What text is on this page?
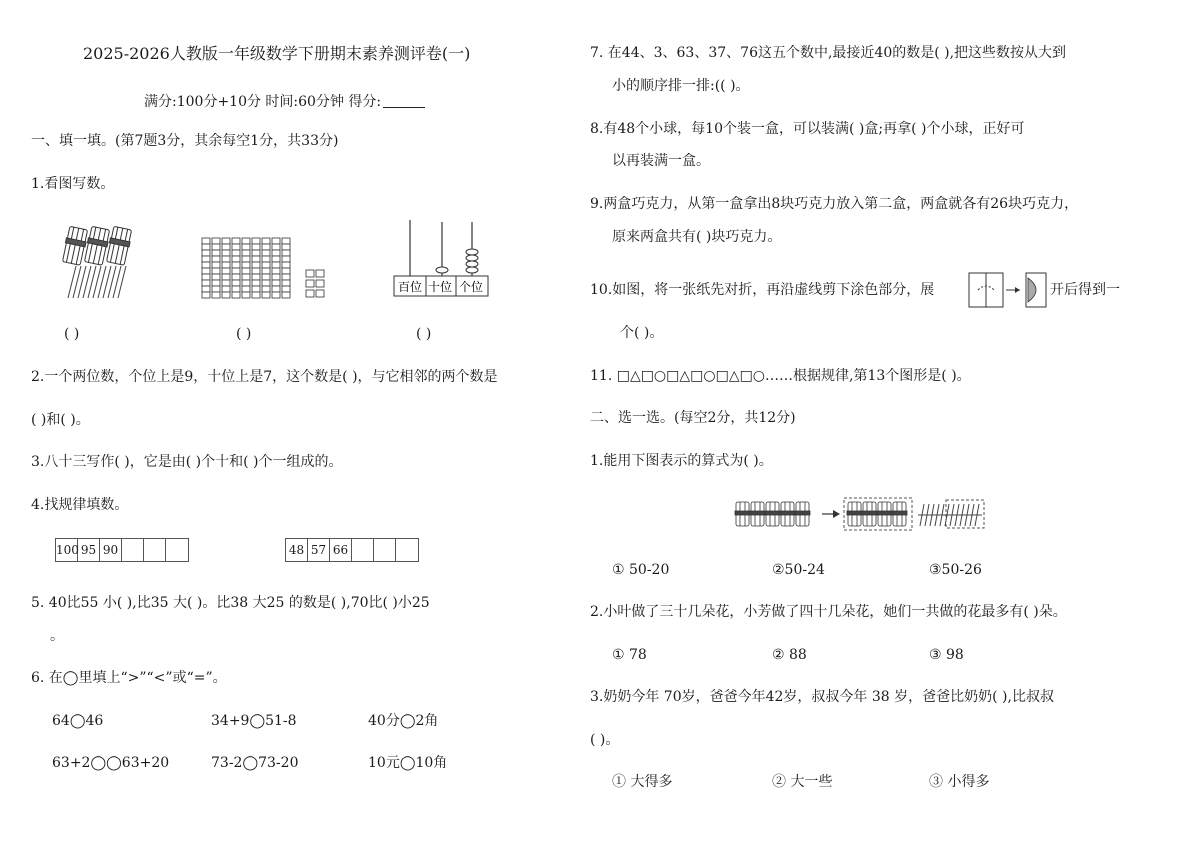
2025-2026人教版一年级数学下册期末素养测评卷(一)
满分:100分+10分 时间:60分钟 得分:
一、填一填。(第7题3分，其余每空1分，共33分)
1.看图写数。
百位 十位 个位
( )	( )	( )
2.一个两位数，个位上是9，十位上是7，这个数是( )，与它相邻的两个数是
( )和( )。
3.八十三写作( )，它是由( )个十和( )个一组成的。
4.找规律填数。
100 95 90	48 57 66
5. 40比55 小( ),比35 大( )。比38 大25 的数是( ),70比( )小25
。
6. 在◯里填上“>”“<”或“=”。
64◯46	34+9◯51-8	40分◯2角
63+2◯◯63+20	73-2◯73-20	10元◯10角
7. 在44、3、63、37、76这五个数中,最接近40的数是( ),把这些数按从大到
小的顺序排一排:(( )。
8.有48个小球，每10个装一盒，可以装满( )盒;再拿( )个小球，正好可
以再装满一盒。
9.两盒巧克力，从第一盒拿出8块巧克力放入第二盒，两盒就各有26块巧克力，
原来两盒共有( )块巧克力。
10.如图，将一张纸先对折，再沿虚线剪下涂色部分，展	开后得到一
个( )。
11. □△□○□△□○□△□○……根据规律,第13个图形是( )。
二、选一选。(每空2分，共12分)
1.能用下图表示的算式为( )。
① 50-20	②50-24	③50-26
2.小叶做了三十几朵花，小芳做了四十几朵花，她们一共做的花最多有( )朵。
① 78	② 88	③ 98
3.奶奶今年 70岁，爸爸今年42岁，叔叔今年 38 岁，爸爸比奶奶( ),比叔叔
( )。
① 大得多	② 大一些	③ 小得多
